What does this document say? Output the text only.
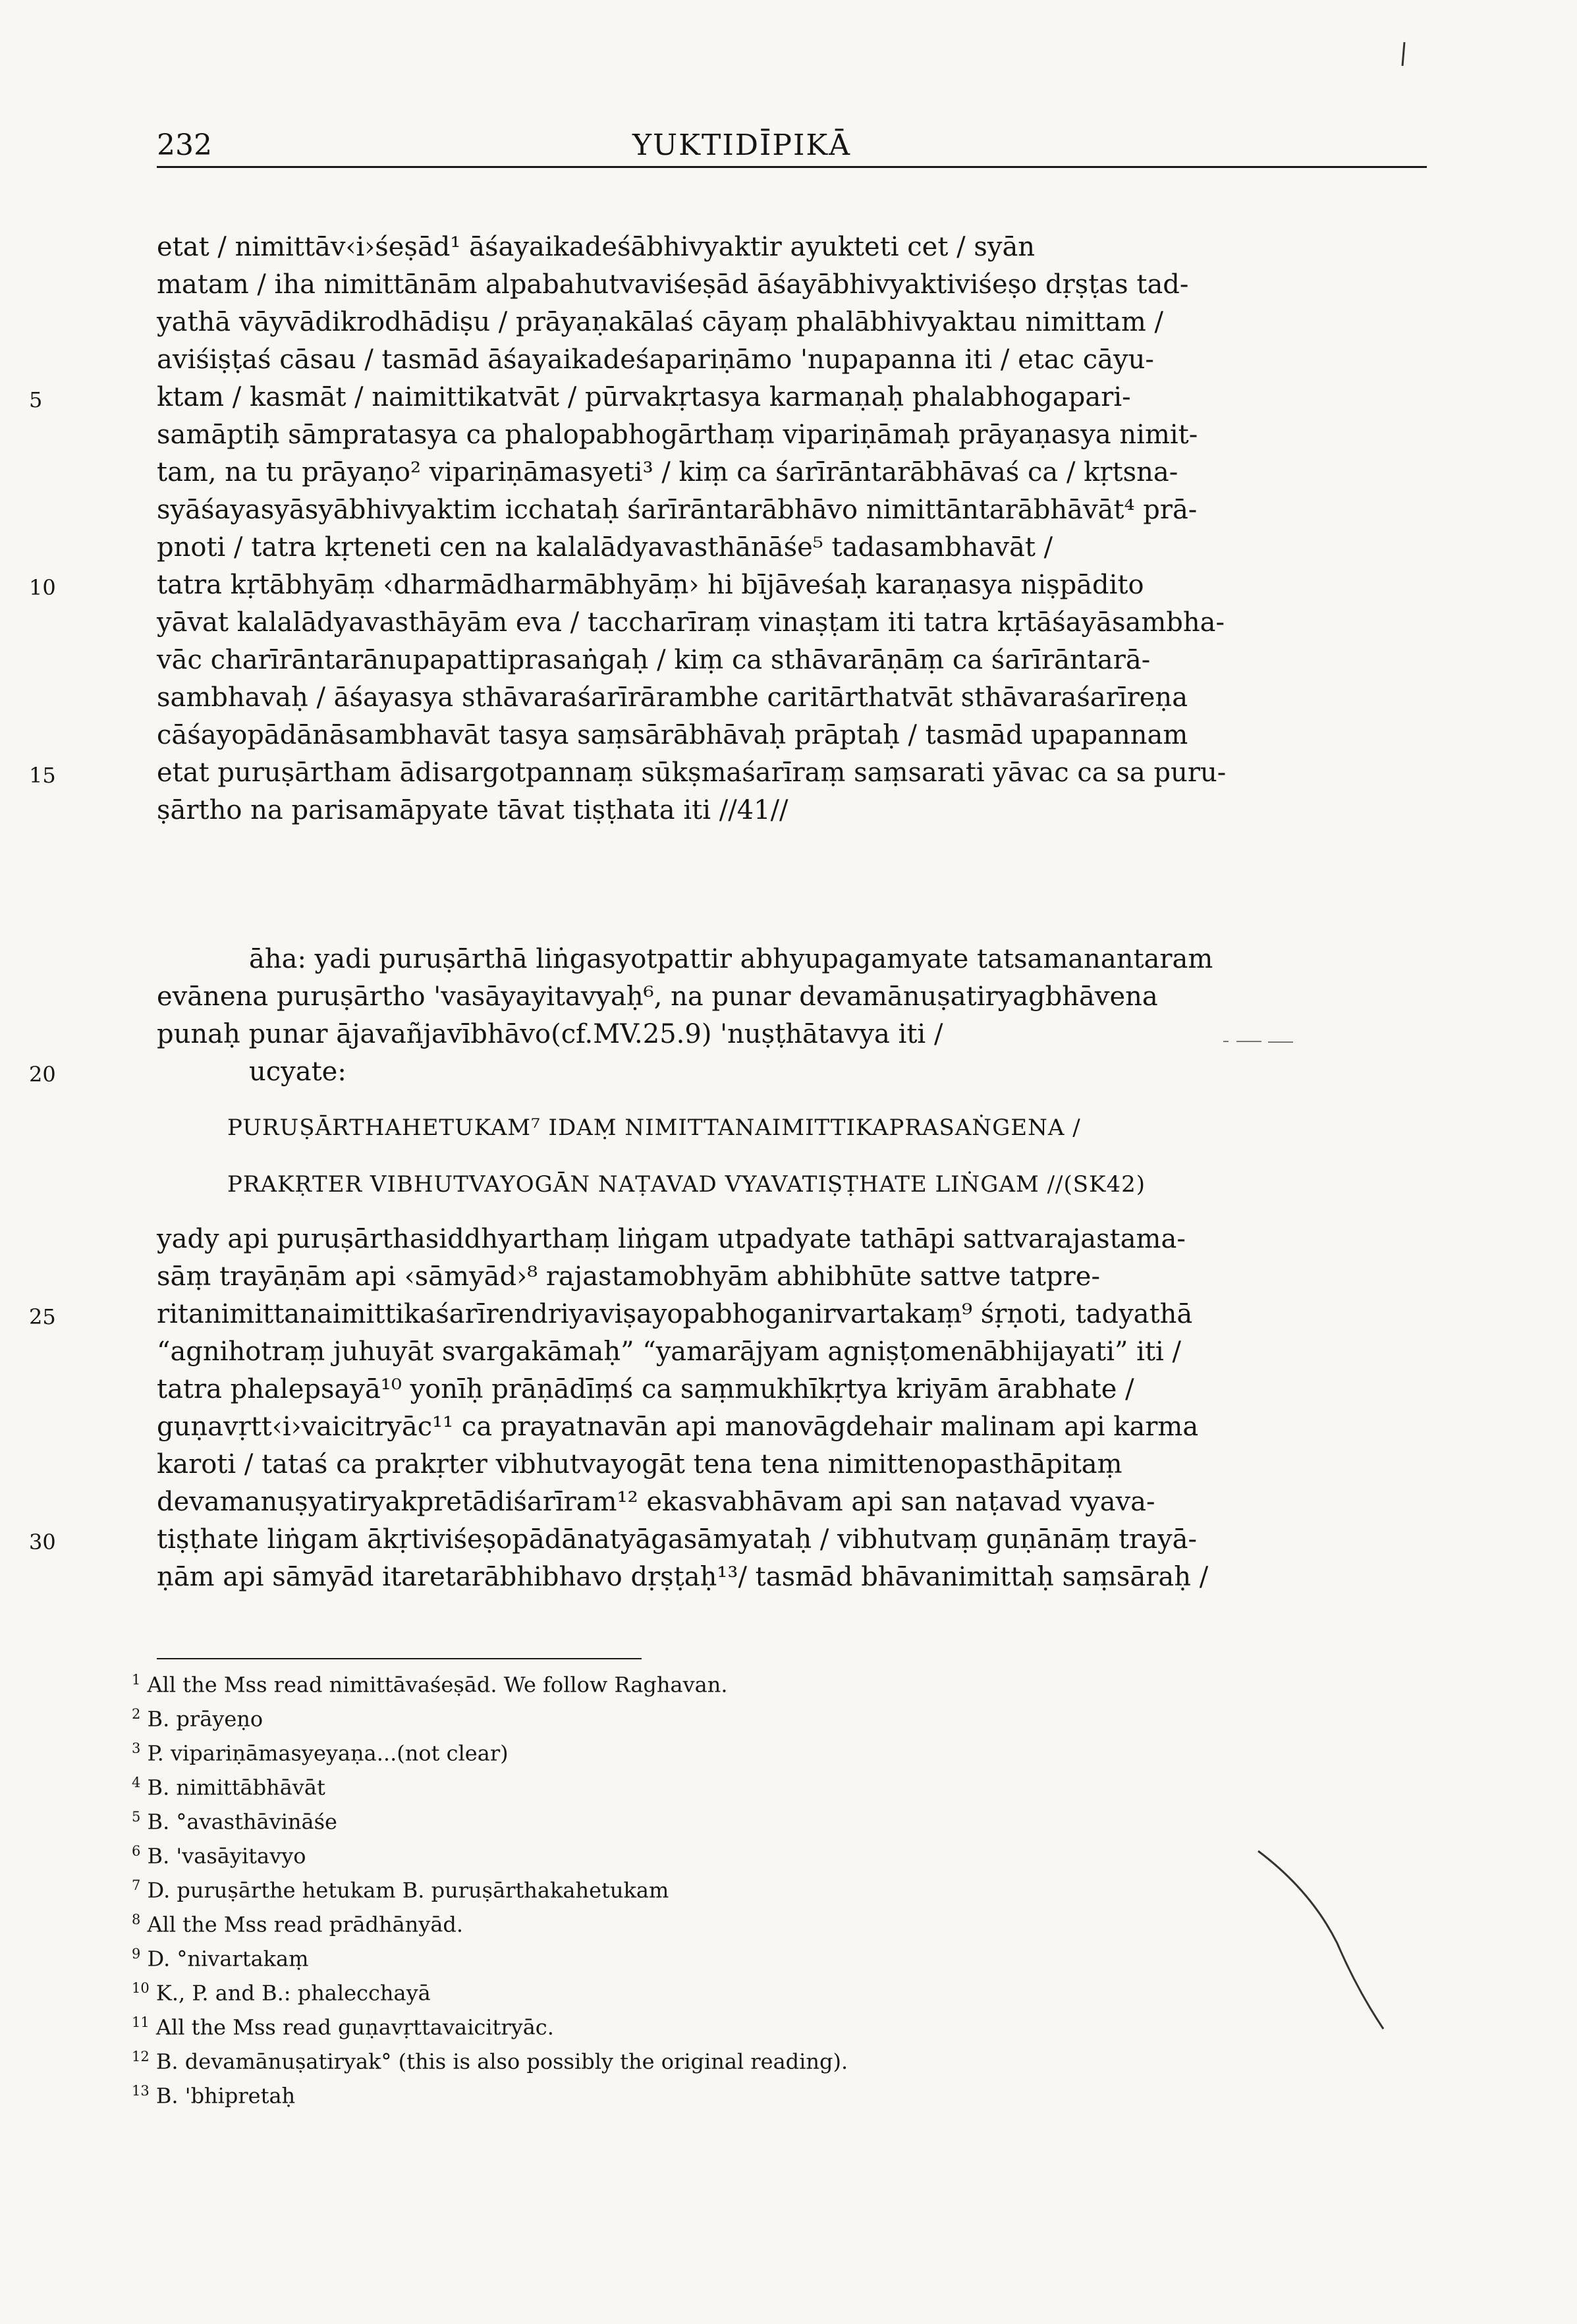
232	YUKTIDĪPIKĀ
etat / nimittāv‹i›śeṣād¹ āśayaikadeśābhivyaktir ayukteti cet / syān
matam / iha nimittānām alpabahutvaviśeṣād āśayābhivyaktiviśeṣo dṛṣṭas tad-
yathā vāyvādikrodhādiṣu / prāyaṇakālaś cāyaṃ phalābhivyaktau nimittam /
aviśiṣṭaś cāsau / tasmād āśayaikadeśapariṇāmo 'nupapanna iti / etac cāyu-
ktam / kasmāt / naimittikatvāt / pūrvakṛtasya karmaṇaḥ phalabhogapari-
samāptiḥ sāmpratasya ca phalopabhogārthaṃ vipariṇāmaḥ prāyaṇasya nimit-
tam, na tu prāyaṇo² vipariṇāmasyeti³ / kiṃ ca śarīrāntarābhāvaś ca / kṛtsna-
syāśayasyāsyābhivyaktim icchataḥ śarīrāntarābhāvo nimittāntarābhāvāt⁴ prā-
pnoti / tatra kṛteneti cen na kalalādyavasthānāśe⁵ tadasambhavāt /
tatra kṛtābhyāṃ ‹dharmādharmābhyāṃ› hi bījāveśaḥ karaṇasya niṣpādito
yāvat kalalādyavasthāyām eva / taccharīraṃ vinaṣṭam iti tatra kṛtāśayāsambha-
vāc charīrāntarānupapattiprasaṅgaḥ / kiṃ ca sthāvarāṇāṃ ca śarīrāntarā-
sambhavaḥ / āśayasya sthāvaraśarīrārambhe caritārthatvāt sthāvaraśarīreṇa
cāśayopādānāsambhavāt tasya saṃsārābhāvaḥ prāptaḥ / tasmād upapannam
etat puruṣārtham ādisargotpannaṃ sūkṣmaśarīraṃ saṃsarati yāvac ca sa puru-
ṣārtho na parisamāpyate tāvat tiṣṭhata iti //41//
āha: yadi puruṣārthā liṅgasyotpattir abhyupagamyate tatsamanantaram
evānena puruṣārtho 'vasāyayitavyaḥ⁶, na punar devamānuṣatiryagbhāvena
punaḥ punar ājavañjavībhāvo(cf.MV.25.9) 'nuṣṭhātavya iti /
ucyate:
PURUṢĀRTHAHETUKAM⁷ IDAṂ NIMITTANAIMITTIKAPRASAṄGENA /
PRAKṚTER VIBHUTVAYOGĀN NAṬAVAD VYAVATIṢṬHATE LIṄGAM //(SK42)
yady api puruṣārthasiddhyarthaṃ liṅgam utpadyate tathāpi sattvarajastama-
sāṃ trayāṇām api ‹sāmyād›⁸ rajastamobhyām abhibhūte sattve tatpre-
ritanimittanaimittikaśarīrendriyaviṣayopabhoganirvartakaṃ⁹ śṛṇoti, tadyathā
“agnihotraṃ juhuyāt svargakāmaḥ” “yamarājyam agniṣṭomenābhijayati” iti /
tatra phalepsayā¹⁰ yonīḥ prāṇādīṃś ca saṃmukhīkṛtya kriyām ārabhate /
guṇavṛtt‹i›vaicitryāc¹¹ ca prayatnavān api manovāgdehair malinam api karma
karoti / tataś ca prakṛter vibhutvayogāt tena tena nimittenopasthāpitaṃ
devamanuṣyatiryakpretādiśarīram¹² ekasvabhāvam api san naṭavad vyava-
tiṣṭhate liṅgam ākṛtiviśeṣopādānatyāgasāmyataḥ / vibhutvaṃ guṇānāṃ trayā-
ṇām api sāmyād itaretarābhibhavo dṛṣṭaḥ¹³/ tasmād bhāvanimittaḥ saṃsāraḥ /
5
10
15
20
25
30
$^1$ All the Mss read nimittāvaśeṣād. We follow Raghavan.
$^2$ B. prāyeṇo
$^3$ P. vipariṇāmasyeyaṇa...(not clear)
$^4$ B. nimittābhāvāt
$^5$ B. °avasthāvināśe
$^6$ B. 'vasāyitavyo
$^7$ D. puruṣārthe hetukam B. puruṣārthakahetukam
$^8$ All the Mss read prādhānyād.
$^9$ D. °nivartakaṃ
$^{10}$ K., P. and B.: phalecchayā
$^{11}$ All the Mss read guṇavṛttavaicitryāc.
$^{12}$ B. devamānuṣatiryak° (this is also possibly the original reading).
$^{13}$ B. 'bhipretaḥ
